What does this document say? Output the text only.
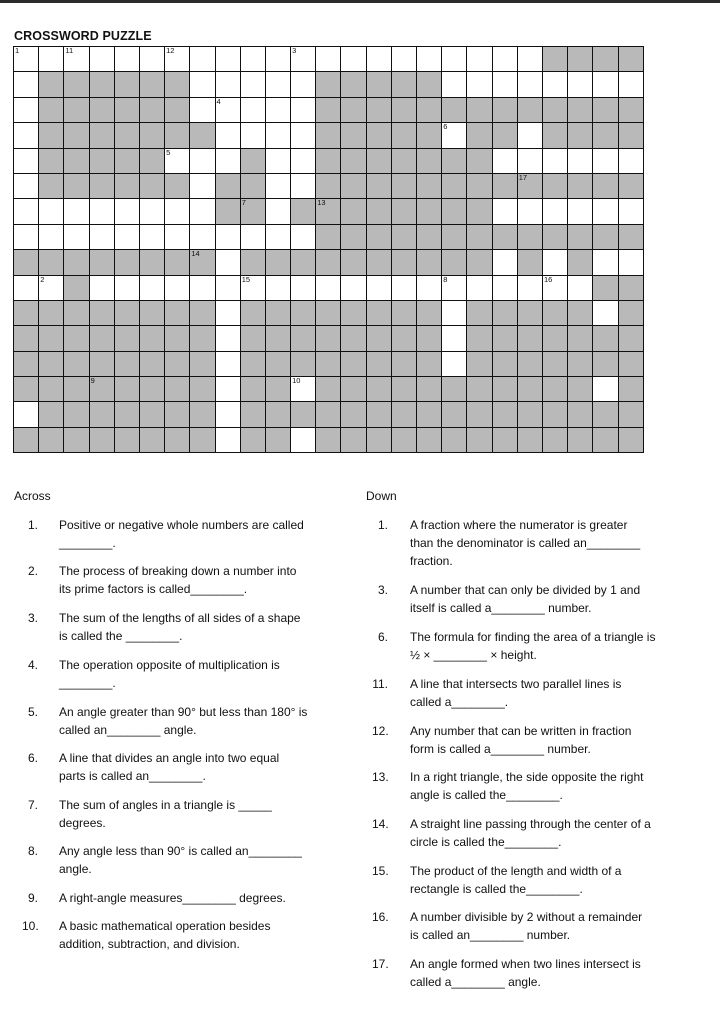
CROSSWORD PUZZLE
1	11	12	3
4
6
5
17
7	13
14
2	15	8	16
9	10
Across	Down
1. Positive or negative whole numbers are called
________.
2. The process of breaking down a number into
its prime factors is called________.
3. The sum of the lengths of all sides of a shape
is called the ________.
4. The operation opposite of multiplication is
________.
5. An angle greater than 90° but less than 180° is
called an________ angle.
6. A line that divides an angle into two equal
parts is called an________.
7. The sum of angles in a triangle is _____
degrees.
8. Any angle less than 90° is called an________
angle.
9. A right-angle measures________ degrees.
10. A basic mathematical operation besides
addition, subtraction, and division.
1. A fraction where the numerator is greater
than the denominator is called an________
fraction.
3. A number that can only be divided by 1 and
itself is called a________ number.
6. The formula for finding the area of a triangle is
½ × ________ × height.
11. A line that intersects two parallel lines is
called a________.
12. Any number that can be written in fraction
form is called a________ number.
13. In a right triangle, the side opposite the right
angle is called the________.
14. A straight line passing through the center of a
circle is called the________.
15. The product of the length and width of a
rectangle is called the________.
16. A number divisible by 2 without a remainder
is called an________ number.
17. An angle formed when two lines intersect is
called a________ angle.
